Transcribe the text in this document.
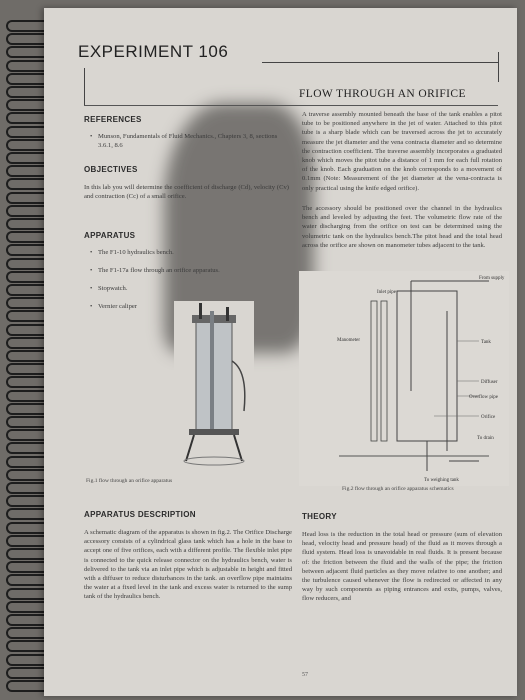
EXPERIMENT 106
FLOW THROUGH AN ORIFICE
REFERENCES
• Munson, Fundamentals of Fluid Mechanics., Chapters 3, 8, sections 3.6.1, 8.6
OBJECTIVES
In this lab you will determine the coefficient of discharge (Cd), velocity (Cv) and contraction (Cc) of a small orifice.
APPARATUS
• The F1-10 hydraulics bench.
• The F1-17a flow through an orifice apparatus.
• Stopwatch.
• Vernier caliper
Fig.1 flow through an orifice apparatus
APPARATUS DESCRIPTION
A schematic diagram of the apparatus is shown in fig.2. The Orifice Discharge accessory consists of a cylindrical glass tank which has a hole in the base to accept one of five orifices, each with a different profile. The flexible inlet pipe is connected to the quick release connector on the hydraulics bench, water is delivered to the tank via an inlet pipe which is adjustable in height and fitted with a diffuser to reduce disturbances in the tank. an overflow pipe maintains the water at a fixed level in the tank and excess water is returned to the sump tank of the hydraulics bench.
A traverse assembly mounted beneath the base of the tank enables a pitot tube to be positioned anywhere in the jet of water. Attached to this pitot tube is a sharp blade which can be traversed across the jet to accurately measure the jet diameter and the vena contracta diameter and so determine the contraction coefficient. The traverse assembly incorporates a graduated knob which moves the pitot tube a distance of 1 mm for each full rotation of the knob. Each graduation on the knob corresponds to a movement of 0.1mm (Note: Measurement of the jet diameter at the vena-contracta is only practical using the knife edged orifice).
The accessory should be positioned over the channel in the hydraulics bench and leveled by adjusting the feet. The volumetric flow rate of the water discharging from the orifice on test can be determined using the volumetric tank on the hydraulics bench.The pitot head and the total head across the orifice are shown on manometer tubes adjacent to the tank.
From supply
Inlet pipe
Manometer	Tank
Diffuser
Overflow pipe
Orifice
To drain
To weighing tank
Fig.2 flow through an orifice apparatus schematics
THEORY
Head loss is the reduction in the total head or pressure (sum of elevation head, velocity head and pressure head) of the fluid as it moves through a fluid system. Head loss is unavoidable in real fluids. It is present because of: the friction between the fluid and the walls of the pipe; the friction between adjacent fluid particles as they move relative to one another; and the turbulence caused whenever the flow is redirected or affected in any way by such components as piping entrances and exits, pumps, valves, flow reducers, and
57
